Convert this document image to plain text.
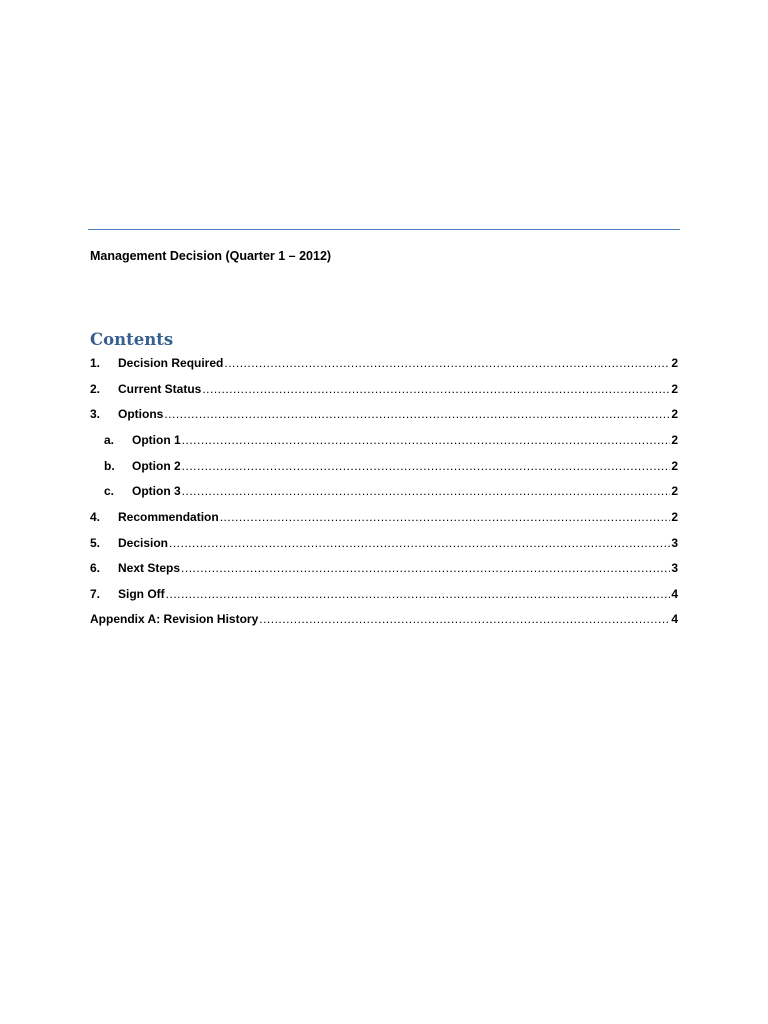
Management Decision (Quarter 1 – 2012)
Contents
1.	Decision Required .....	2
2.	Current Status .....	2
3.	Options .....	2
a.	Option 1 .....	2
b.	Option 2 .....	2
c.	Option 3 .....	2
4.	Recommendation .....	2
5.	Decision .....	3
6.	Next Steps .....	3
7.	Sign Off .....	4
Appendix A: Revision History .....	4
